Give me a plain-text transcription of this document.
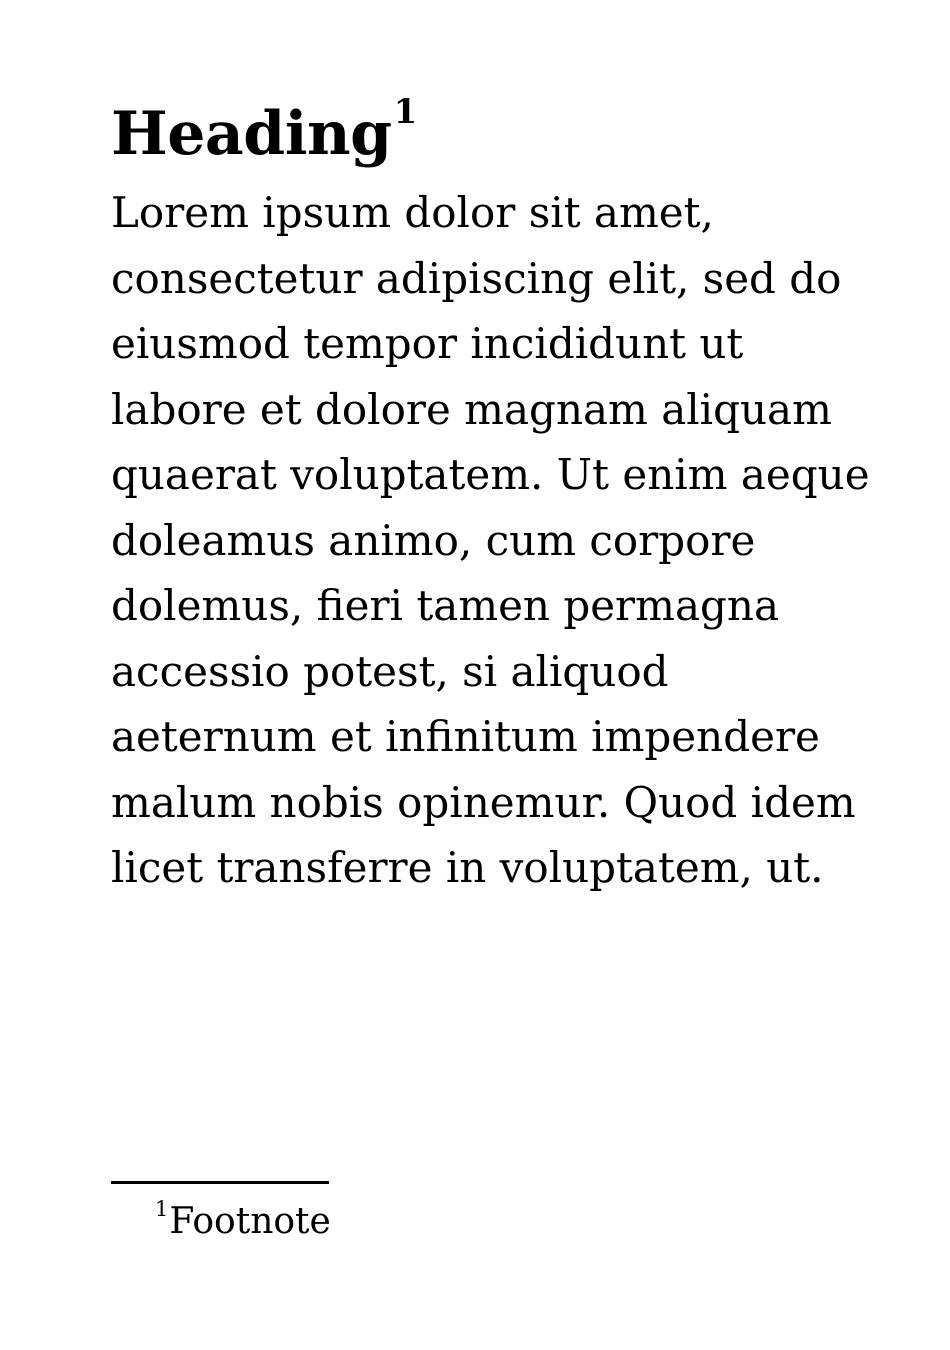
Heading$^1$

Lorem ipsum dolor sit amet,
consectetur adipiscing elit, sed do
eiusmod tempor incididunt ut
labore et dolore magnam aliquam
quaerat voluptatem. Ut enim aeque
doleamus animo, cum corpore
dolemus, fieri tamen permagna
accessio potest, si aliquod
aeternum et infinitum impendere
malum nobis opinemur. Quod idem
licet transferre in voluptatem, ut.

$^1$Footnote
